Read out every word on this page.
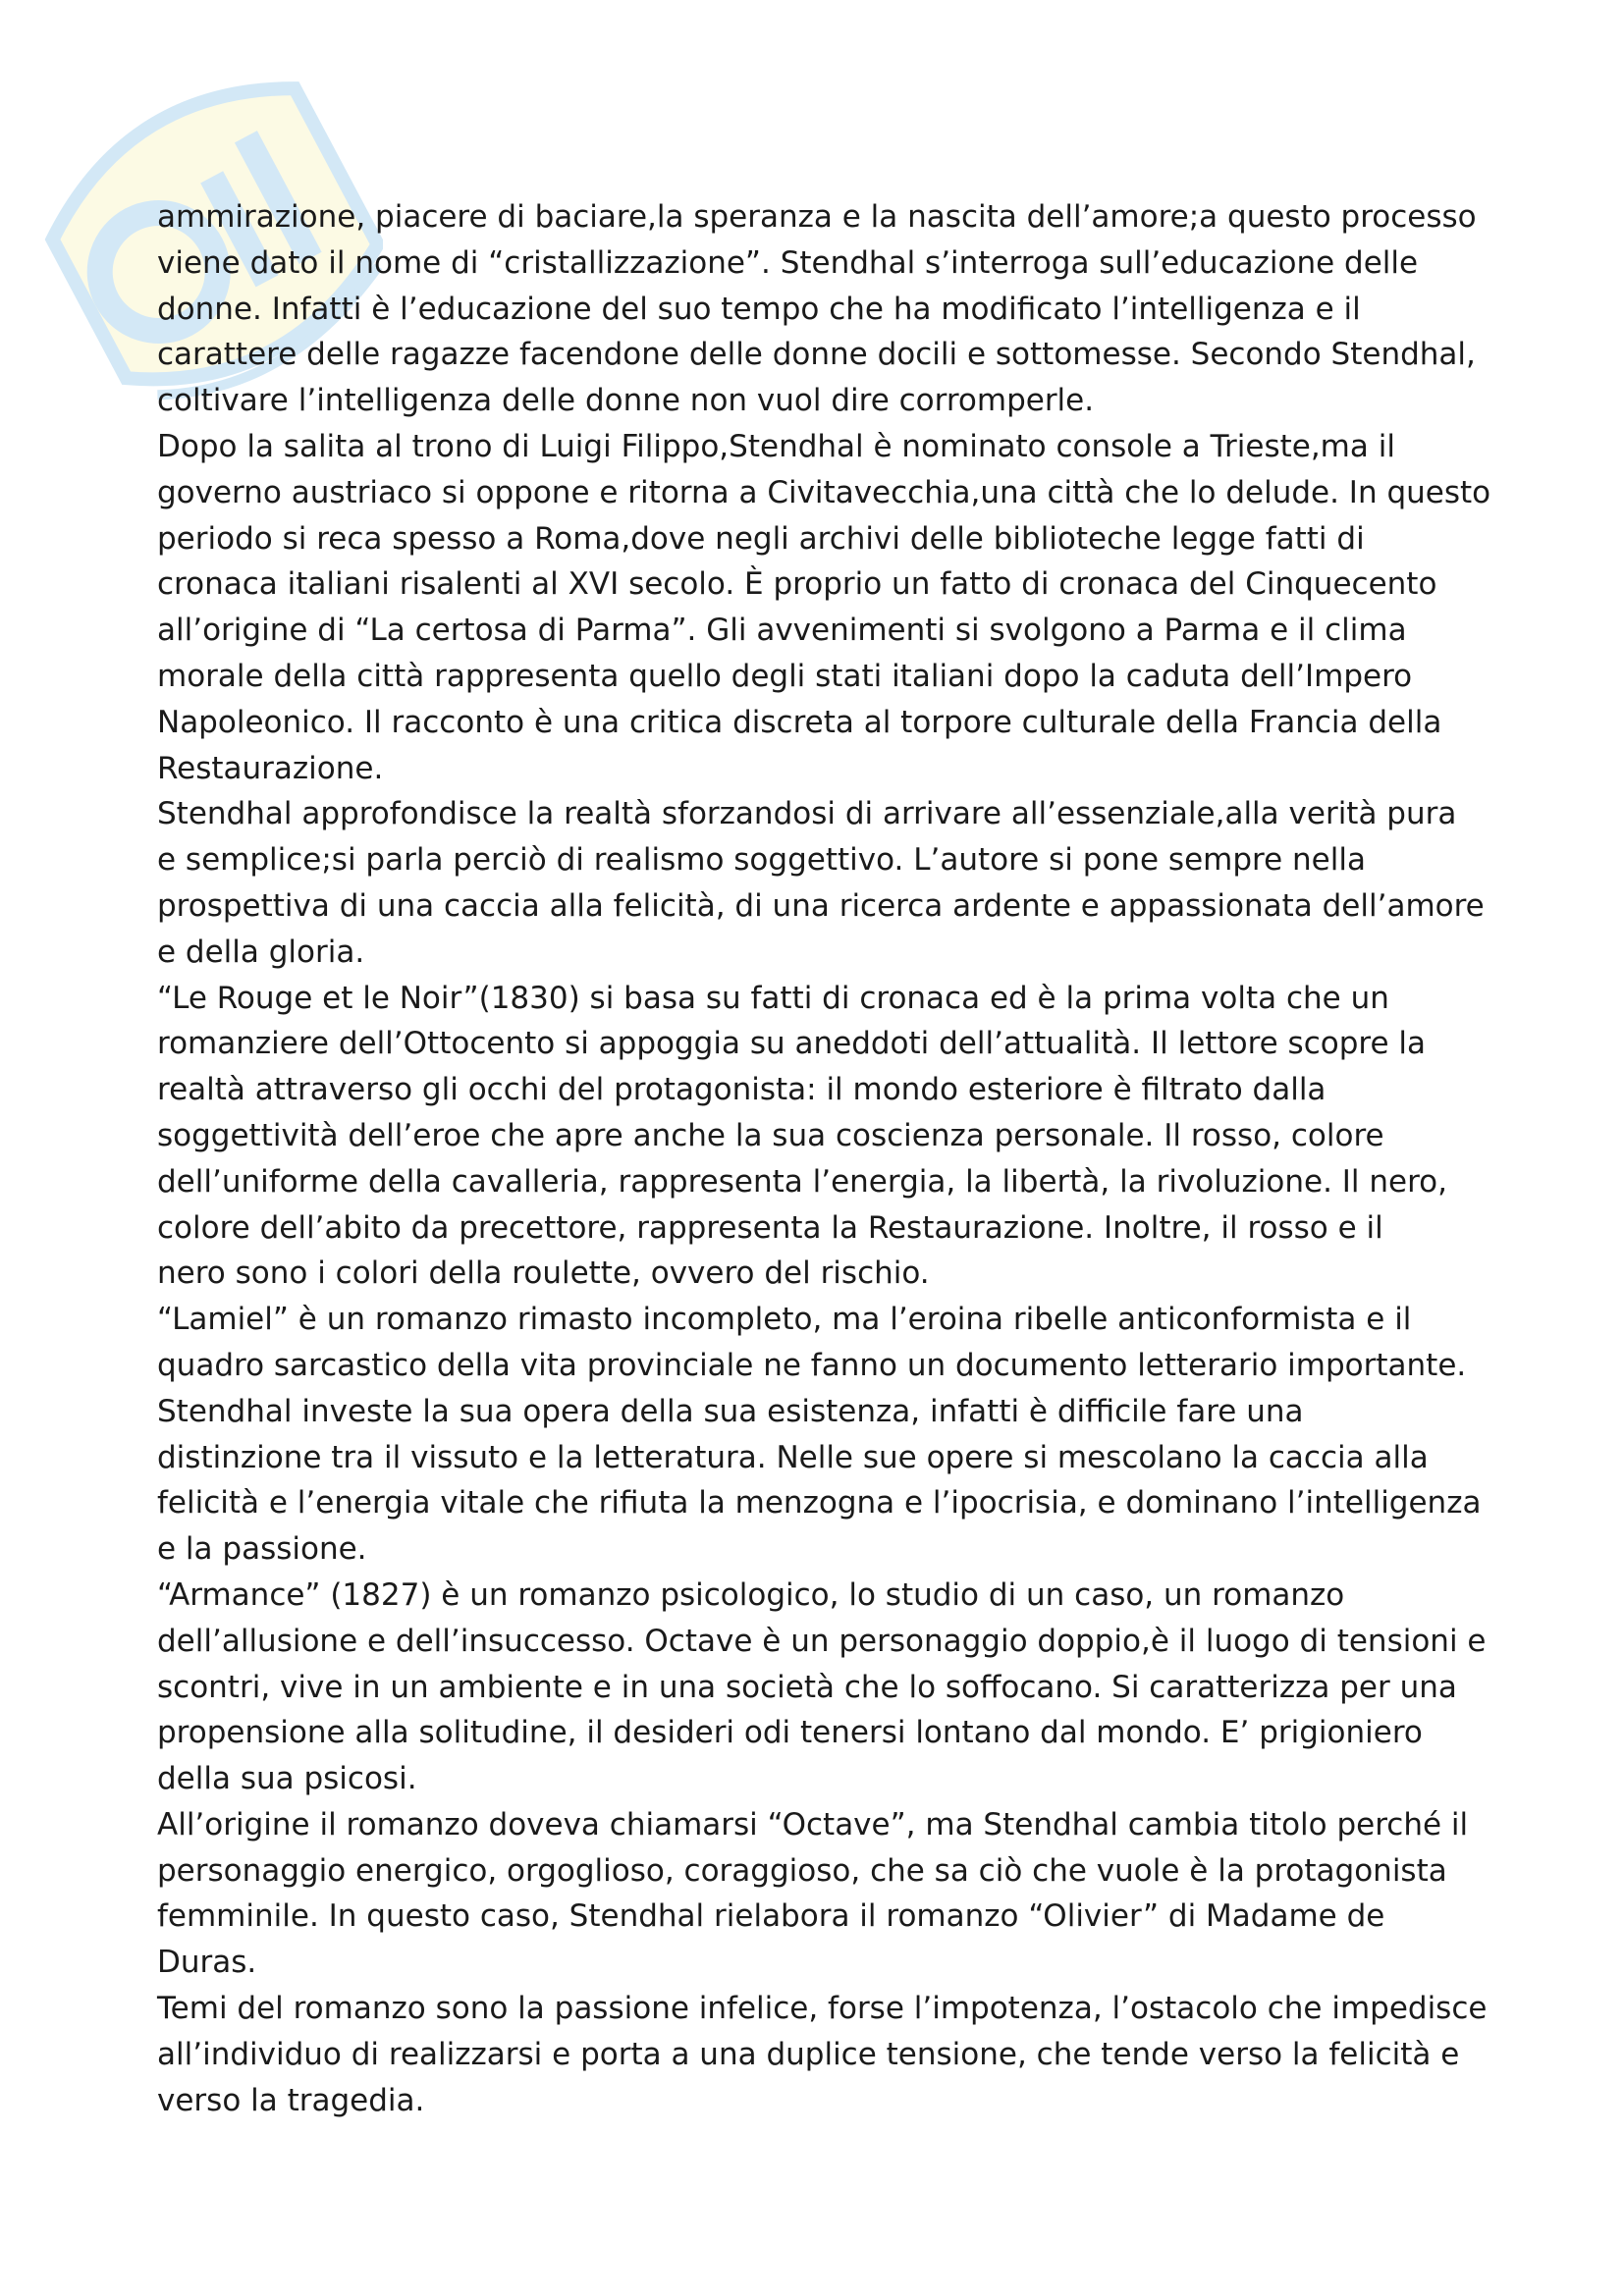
ammirazione, piacere di baciare,la speranza e la nascita dell’amore;a questo processo

viene dato il nome di “cristallizzazione”. Stendhal s’interroga sull’educazione delle

donne. Infatti è l’educazione del suo tempo che ha modificato l’intelligenza e il

carattere delle ragazze facendone delle donne docili e sottomesse. Secondo Stendhal,

coltivare l’intelligenza delle donne non vuol dire corromperle.

Dopo la salita al trono di Luigi Filippo,Stendhal è nominato console a Trieste,ma il

governo austriaco si oppone e ritorna a Civitavecchia,una città che lo delude. In questo

periodo si reca spesso a Roma,dove negli archivi delle biblioteche legge fatti di

cronaca italiani risalenti al XVI secolo. È proprio un fatto di cronaca del Cinquecento

all’origine di “La certosa di Parma”. Gli avvenimenti si svolgono a Parma e il clima

morale della città rappresenta quello degli stati italiani dopo la caduta dell’Impero

Napoleonico. Il racconto è una critica discreta al torpore culturale della Francia della

Restaurazione.

Stendhal approfondisce la realtà sforzandosi di arrivare all’essenziale,alla verità pura

e semplice;si parla perciò di realismo soggettivo. L’autore si pone sempre nella

prospettiva di una caccia alla felicità, di una ricerca ardente e appassionata dell’amore

e della gloria.

“Le Rouge et le Noir”(1830) si basa su fatti di cronaca ed è la prima volta che un

romanziere dell’Ottocento si appoggia su aneddoti dell’attualità. Il lettore scopre la

realtà attraverso gli occhi del protagonista: il mondo esteriore è filtrato dalla

soggettività dell’eroe che apre anche la sua coscienza personale. Il rosso, colore

dell’uniforme della cavalleria, rappresenta l’energia, la libertà, la rivoluzione. Il nero,

colore dell’abito da precettore, rappresenta la Restaurazione. Inoltre, il rosso e il

nero sono i colori della roulette, ovvero del rischio.

“Lamiel” è un romanzo rimasto incompleto, ma l’eroina ribelle anticonformista e il

quadro sarcastico della vita provinciale ne fanno un documento letterario importante.

Stendhal investe la sua opera della sua esistenza, infatti è difficile fare una

distinzione tra il vissuto e la letteratura. Nelle sue opere si mescolano la caccia alla

felicità e l’energia vitale che rifiuta la menzogna e l’ipocrisia, e dominano l’intelligenza

e la passione.

“Armance” (1827) è un romanzo psicologico, lo studio di un caso, un romanzo

dell’allusione e dell’insuccesso. Octave è un personaggio doppio,è il luogo di tensioni e

scontri, vive in un ambiente e in una società che lo soffocano. Si caratterizza per una

propensione alla solitudine, il desideri odi tenersi lontano dal mondo. E’ prigioniero

della sua psicosi.

All’origine il romanzo doveva chiamarsi “Octave”, ma Stendhal cambia titolo perché il

personaggio energico, orgoglioso, coraggioso, che sa ciò che vuole è la protagonista

femminile. In questo caso, Stendhal rielabora il romanzo “Olivier” di Madame de

Duras.

Temi del romanzo sono la passione infelice, forse l’impotenza, l’ostacolo che impedisce

all’individuo di realizzarsi e porta a una duplice tensione, che tende verso la felicità e

verso la tragedia.
